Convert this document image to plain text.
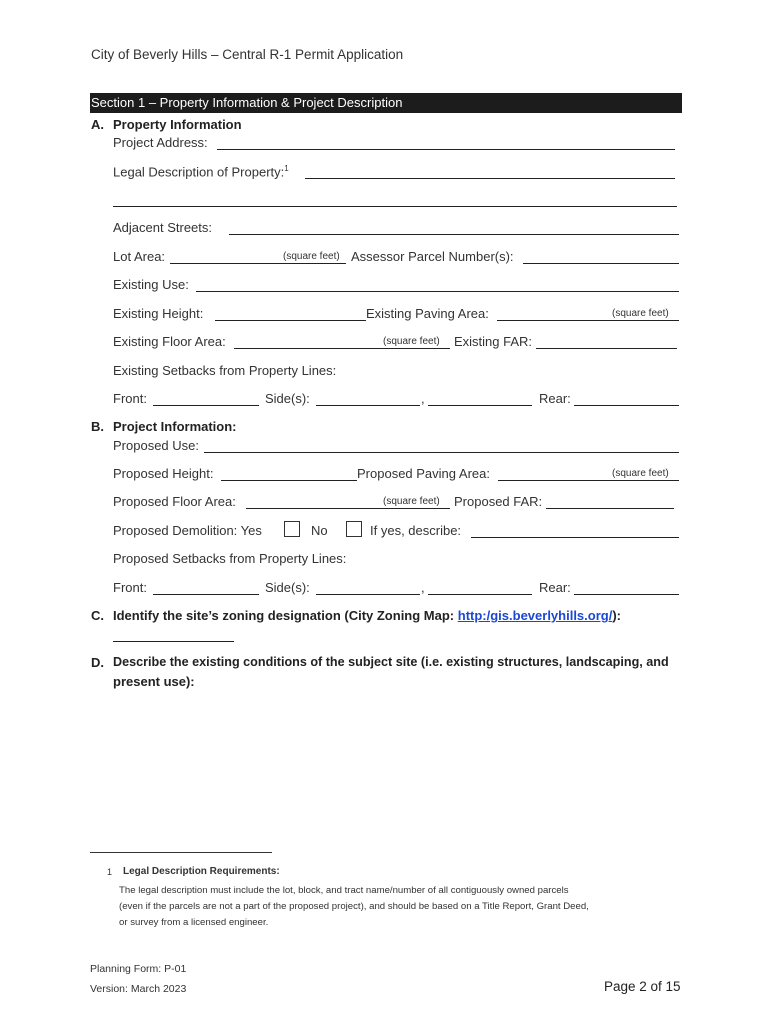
City of Beverly Hills – Central R-1 Permit Application
Section 1 – Property Information & Project Description
A. Property Information
Project Address:
Legal Description of Property:$^1$
Adjacent Streets:
Lot Area:	(square feet) Assessor Parcel Number(s):
Existing Use:
Existing Height:	Existing Paving Area:	(square feet)
Existing Floor Area:	(square feet) Existing FAR:
Existing Setbacks from Property Lines:
Front:	Side(s):	,	Rear:
B. Project Information:
Proposed Use:
Proposed Height:	Proposed Paving Area:	(square feet)
Proposed Floor Area:	(square feet) Proposed FAR:
Proposed Demolition: Yes	No	If yes, describe:
Proposed Setbacks from Property Lines:
Front:	Side(s):	,	Rear:
C. Identify the site’s zoning designation (City Zoning Map: http:/gis.beverlyhills.org/):
D. Describe the existing conditions of the subject site (i.e. existing structures, landscaping, and
present use):
1 Legal Description Requirements:
The legal description must include the lot, block, and tract name/number of all contiguously owned parcels
(even if the parcels are not a part of the proposed project), and should be based on a Title Report, Grant Deed,
or survey from a licensed engineer.
Planning Form: P-01
Version: March 2023	Page 2 of 15
